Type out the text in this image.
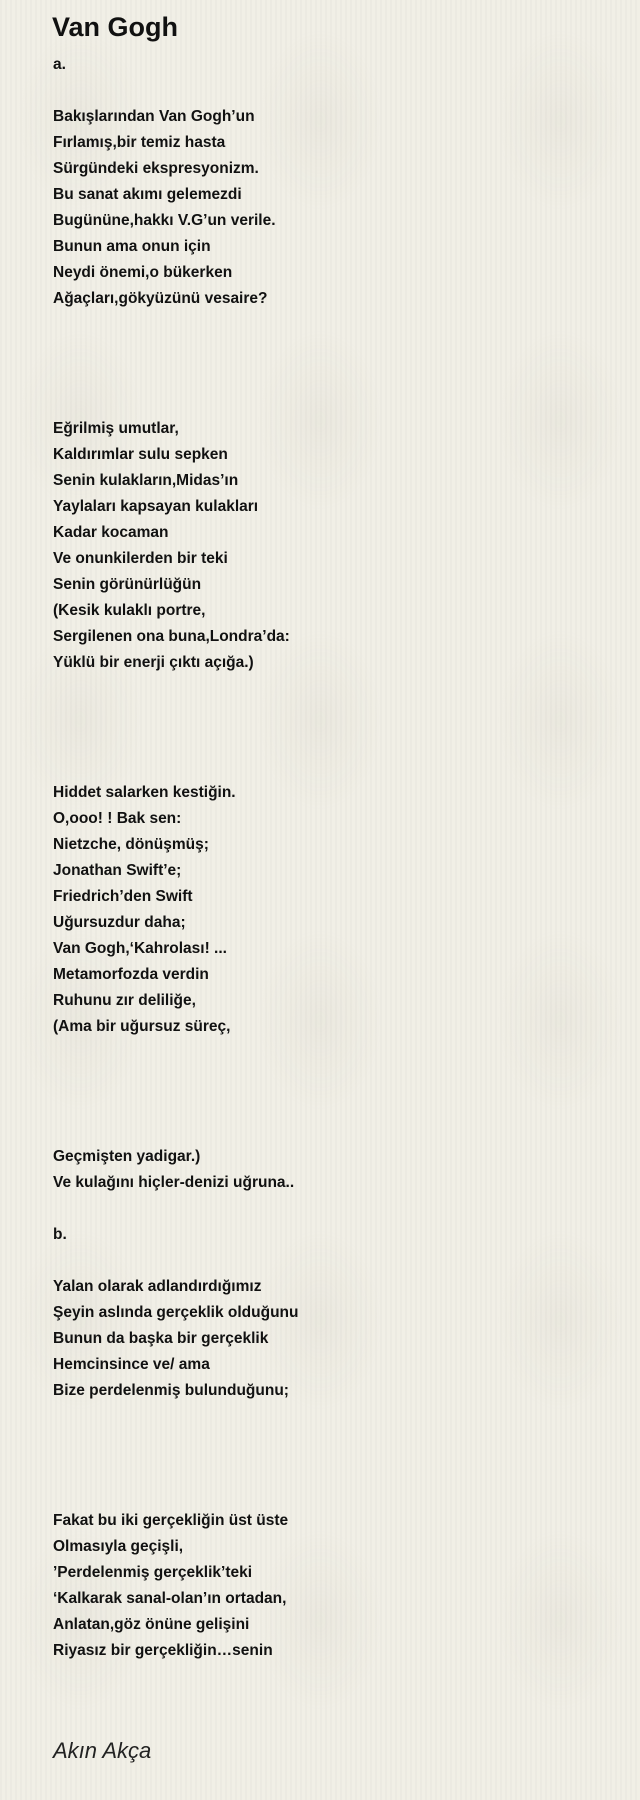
Van Gogh
a.
Bakışlarından Van Gogh’un
Fırlamış,bir temiz hasta
Sürgündeki ekspresyonizm.
Bu sanat akımı gelemezdi
Bugününe,hakkı V.G’un verile.
Bunun ama onun için
Neydi önemi,o bükerken
Ağaçları,gökyüzünü vesaire?
Eğrilmiş umutlar,
Kaldırımlar sulu sepken
Senin kulakların,Midas’ın
Yaylaları kapsayan kulakları
Kadar kocaman
Ve onunkilerden bir teki
Senin görünürlüğün
(Kesik kulaklı portre,
Sergilenen ona buna,Londra’da:
Yüklü bir enerji çıktı açığa.)
Hiddet salarken kestiğin.
O,ooo! ! Bak sen:
Nietzche, dönüşmüş;
Jonathan Swift’e;
Friedrich’den Swift
Uğursuzdur daha;
Van Gogh,‘Kahrolası! ...
Metamorfozda verdin
Ruhunu zır deliliğe,
(Ama bir uğursuz süreç,
Geçmişten yadigar.)
Ve kulağını hiçler-denizi uğruna..
b.
Yalan olarak adlandırdığımız
Şeyin aslında gerçeklik olduğunu
Bunun da başka bir gerçeklik
Hemcinsince ve/ ama
Bize perdelenmiş bulunduğunu;
Fakat bu iki gerçekliğin üst üste
Olmasıyla geçişli,
’Perdelenmiş gerçeklik’teki
‘Kalkarak sanal-olan’ın ortadan,
Anlatan,göz önüne gelişini
Riyasız bir gerçekliğin…senin
Akın Akça
